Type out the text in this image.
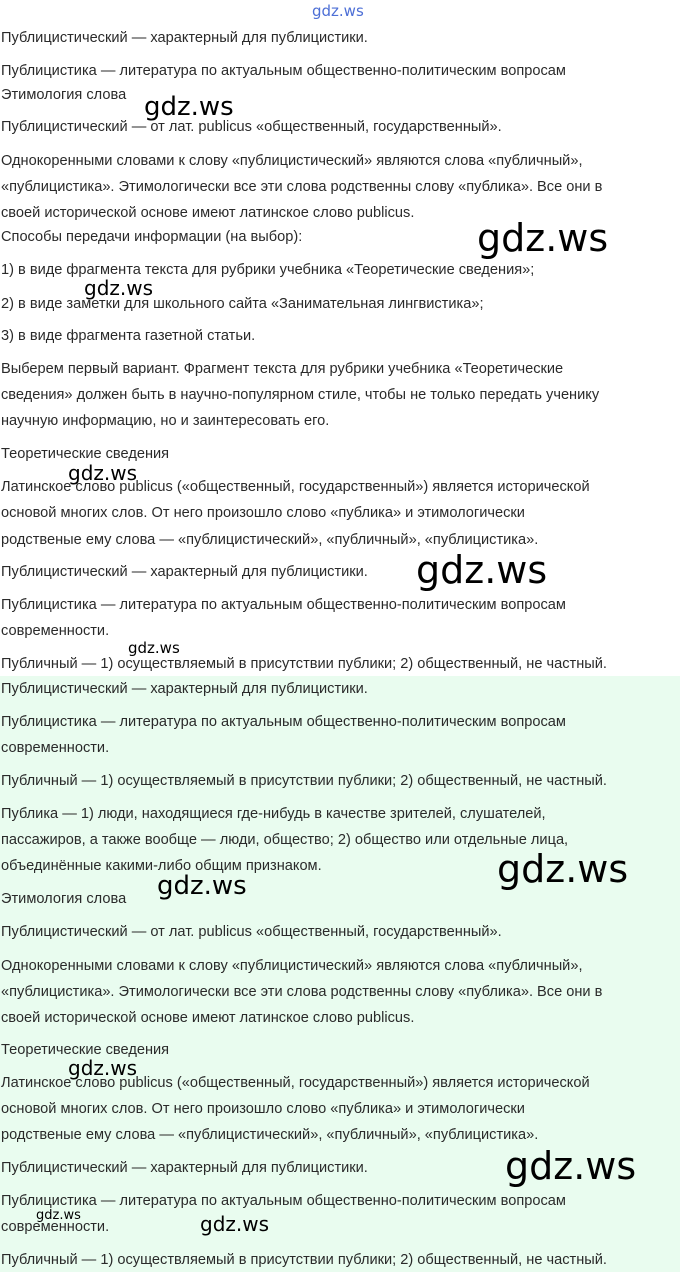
Публицистический — характерный для публицистики.
Публицистика — литература по актуальным общественно-политическим вопросам
Этимология слова
Публицистический — от лат. publicus «общественный, государственный».
Однокоренными словами к слову «публицистический» являются слова «публичный»,
«публицистика». Этимологически все эти слова родственны слову «публика». Все они в
своей исторической основе имеют латинское слово publicus.
Способы передачи информации (на выбор):
1) в виде фрагмента текста для рубрики учебника «Теоретические сведения»;
2) в виде заметки для школьного сайта «Занимательная лингвистика»;
3) в виде фрагмента газетной статьи.
Выберем первый вариант. Фрагмент текста для рубрики учебника «Теоретические
сведения» должен быть в научно-популярном стиле, чтобы не только передать ученику
научную информацию, но и заинтересовать его.
Теоретические сведения
Латинское слово publicus («общественный, государственный») является исторической
основой многих слов. От него произошло слово «публика» и этимологически
родственые ему слова — «публицистический», «публичный», «публицистика».
Публицистический — характерный для публицистики.
Публицистика — литература по актуальным общественно-политическим вопросам
современности.
Публичный — 1) осуществляемый в присутствии публики; 2) общественный, не частный.
Публицистический — характерный для публицистики.
Публицистика — литература по актуальным общественно-политическим вопросам
современности.
Публичный — 1) осуществляемый в присутствии публики; 2) общественный, не частный.
Публика — 1) люди, находящиеся где-нибудь в качестве зрителей, слушателей,
пассажиров, а также вообще — люди, общество; 2) общество или отдельные лица,
объединённые какими-либо общим признаком.
Этимология слова
Публицистический — от лат. publicus «общественный, государственный».
Однокоренными словами к слову «публицистический» являются слова «публичный»,
«публицистика». Этимологически все эти слова родственны слову «публика». Все они в
своей исторической основе имеют латинское слово publicus.
Теоретические сведения
Латинское слово publicus («общественный, государственный») является исторической
основой многих слов. От него произошло слово «публика» и этимологически
родственые ему слова — «публицистический», «публичный», «публицистика».
Публицистический — характерный для публицистики.
Публицистика — литература по актуальным общественно-политическим вопросам
современности.
Публичный — 1) осуществляемый в присутствии публики; 2) общественный, не частный.
gdz.ws
gdz.ws
gdz.ws
gdz.ws
gdz.ws
gdz.ws
gdz.ws
gdz.ws
gdz.ws
gdz.ws
gdz.ws
gdz.ws	gdz.ws
